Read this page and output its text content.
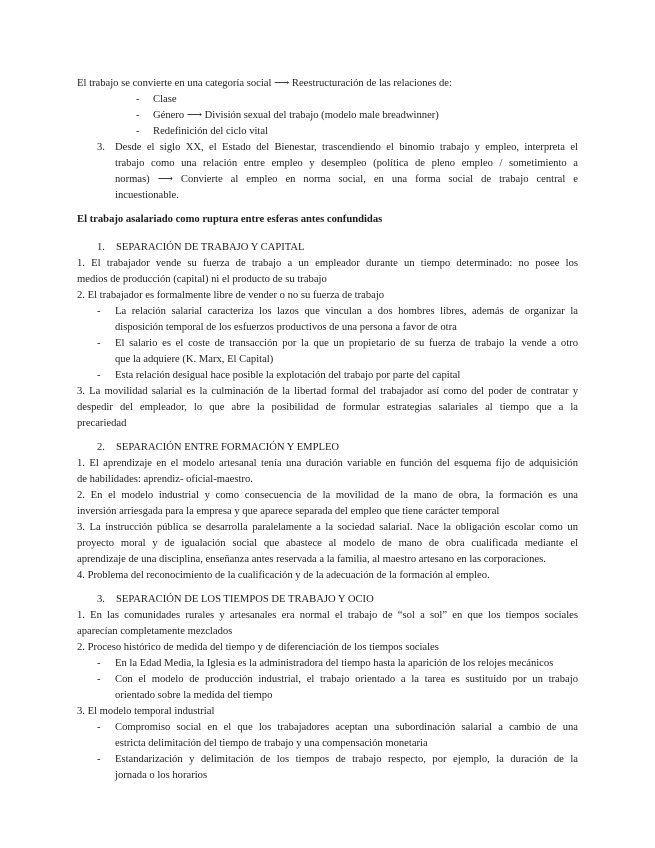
El trabajo se convierte en una categoría social ⟶ Reestructuración de las relaciones de:
- Clase
- Género ⟶ División sexual del trabajo (modelo male breadwinner)
- Redefinición del ciclo vital
3. Desde el siglo XX, el Estado del Bienestar, trascendiendo el binomio trabajo y empleo, interpreta el
trabajo como una relación entre empleo y desempleo (política de pleno empleo / sometimiento a
normas) ⟶ Convierte al empleo en norma social, en una forma social de trabajo central e
incuestionable.
El trabajo asalariado como ruptura entre esferas antes confundidas
1. SEPARACIÓN DE TRABAJO Y CAPITAL
1. El trabajador vende su fuerza de trabajo a un empleador durante un tiempo determinado: no posee los
medios de producción (capital) ni el producto de su trabajo
2. El trabajador es formalmente libre de vender o no su fuerza de trabajo
- La relación salarial caracteriza los lazos que vinculan a dos hombres libres, además de organizar la
disposición temporal de los esfuerzos productivos de una persona a favor de otra
- El salario es el coste de transacción por la que un propietario de su fuerza de trabajo la vende a otro
que la adquiere (K. Marx, El Capital)
- Esta relación desigual hace posible la explotación del trabajo por parte del capital
3. La movilidad salarial es la culminación de la libertad formal del trabajador así como del poder de contratar y
despedir del empleador, lo que abre la posibilidad de formular estrategias salariales al tiempo que a la
precariedad
2. SEPARACIÓN ENTRE FORMACIÓN Y EMPLEO
1. El aprendizaje en el modelo artesanal tenía una duración variable en función del esquema fijo de adquisición
de habilidades: aprendiz- oficial-maestro.
2. En el modelo industrial y como consecuencia de la movilidad de la mano de obra, la formación es una
inversión arriesgada para la empresa y que aparece separada del empleo que tiene carácter temporal
3. La instrucción pública se desarrolla paralelamente a la sociedad salarial. Nace la obligación escolar como un
proyecto moral y de igualación social que abastece al modelo de mano de obra cualificada mediante el
aprendizaje de una disciplina, enseñanza antes reservada a la familia, al maestro artesano en las corporaciones.
4. Problema del reconocimiento de la cualificación y de la adecuación de la formación al empleo.
3. SEPARACIÓN DE LOS TIEMPOS DE TRABAJO Y OCIO
1. En las comunidades rurales y artesanales era normal el trabajo de “sol a sol” en que los tiempos sociales
aparecían completamente mezclados
2. Proceso histórico de medida del tiempo y de diferenciación de los tiempos sociales
- En la Edad Media, la Iglesia es la administradora del tiempo hasta la aparición de los relojes mecánicos
- Con el modelo de producción industrial, el trabajo orientado a la tarea es sustituido por un trabajo
orientado sobre la medida del tiempo
3. El modelo temporal industrial
- Compromiso social en el que los trabajadores aceptan una subordinación salarial a cambio de una
estricta delimitación del tiempo de trabajo y una compensación monetaria
- Estandarización y delimitación de los tiempos de trabajo respecto, por ejemplo, la duración de la
jornada o los horarios
